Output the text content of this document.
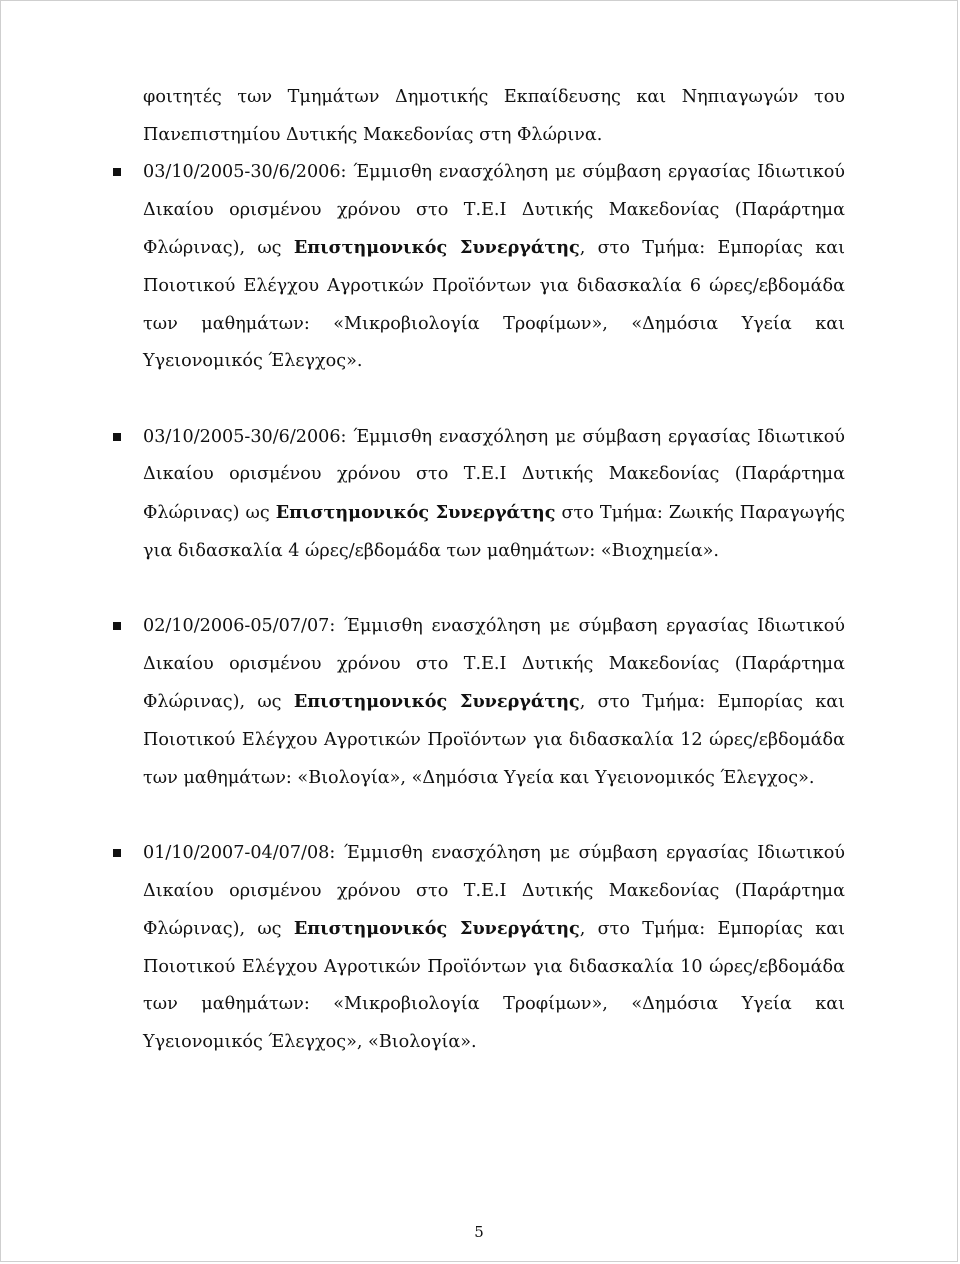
φοιτητές των Τμημάτων Δημοτικής Εκπαίδευσης και Νηπιαγωγών του Πανεπιστημίου Δυτικής Μακεδονίας στη Φλώρινα.

03/10/2005-30/6/2006: Έμμισθη ενασχόληση με σύμβαση εργασίας Ιδιωτικού Δικαίου ορισμένου χρόνου στο Τ.Ε.Ι Δυτικής Μακεδονίας (Παράρτημα Φλώρινας), ως Επιστημονικός Συνεργάτης, στο Τμήμα: Εμπορίας και Ποιοτικού Ελέγχου Αγροτικών Προϊόντων για διδασκαλία 6 ώρες/εβδομάδα των μαθημάτων: «Μικροβιολογία Τροφίμων», «Δημόσια Υγεία και Υγειονομικός Έλεγχος».

03/10/2005-30/6/2006: Έμμισθη ενασχόληση με σύμβαση εργασίας Ιδιωτικού Δικαίου ορισμένου χρόνου στο Τ.Ε.Ι Δυτικής Μακεδονίας (Παράρτημα Φλώρινας) ως Επιστημονικός Συνεργάτης στο Τμήμα: Ζωικής Παραγωγής για διδασκαλία 4 ώρες/εβδομάδα των μαθημάτων: «Βιοχημεία».

02/10/2006-05/07/07: Έμμισθη ενασχόληση με σύμβαση εργασίας Ιδιωτικού Δικαίου ορισμένου χρόνου στο Τ.Ε.Ι Δυτικής Μακεδονίας (Παράρτημα Φλώρινας), ως Επιστημονικός Συνεργάτης, στο Τμήμα: Εμπορίας και Ποιοτικού Ελέγχου Αγροτικών Προϊόντων για διδασκαλία 12 ώρες/εβδομάδα των μαθημάτων: «Βιολογία», «Δημόσια Υγεία και Υγειονομικός Έλεγχος».

01/10/2007-04/07/08: Έμμισθη ενασχόληση με σύμβαση εργασίας Ιδιωτικού Δικαίου ορισμένου χρόνου στο Τ.Ε.Ι Δυτικής Μακεδονίας (Παράρτημα Φλώρινας), ως Επιστημονικός Συνεργάτης, στο Τμήμα: Εμπορίας και Ποιοτικού Ελέγχου Αγροτικών Προϊόντων για διδασκαλία 10 ώρες/εβδομάδα των μαθημάτων: «Μικροβιολογία Τροφίμων», «Δημόσια Υγεία και Υγειονομικός Έλεγχος», «Βιολογία».

5
